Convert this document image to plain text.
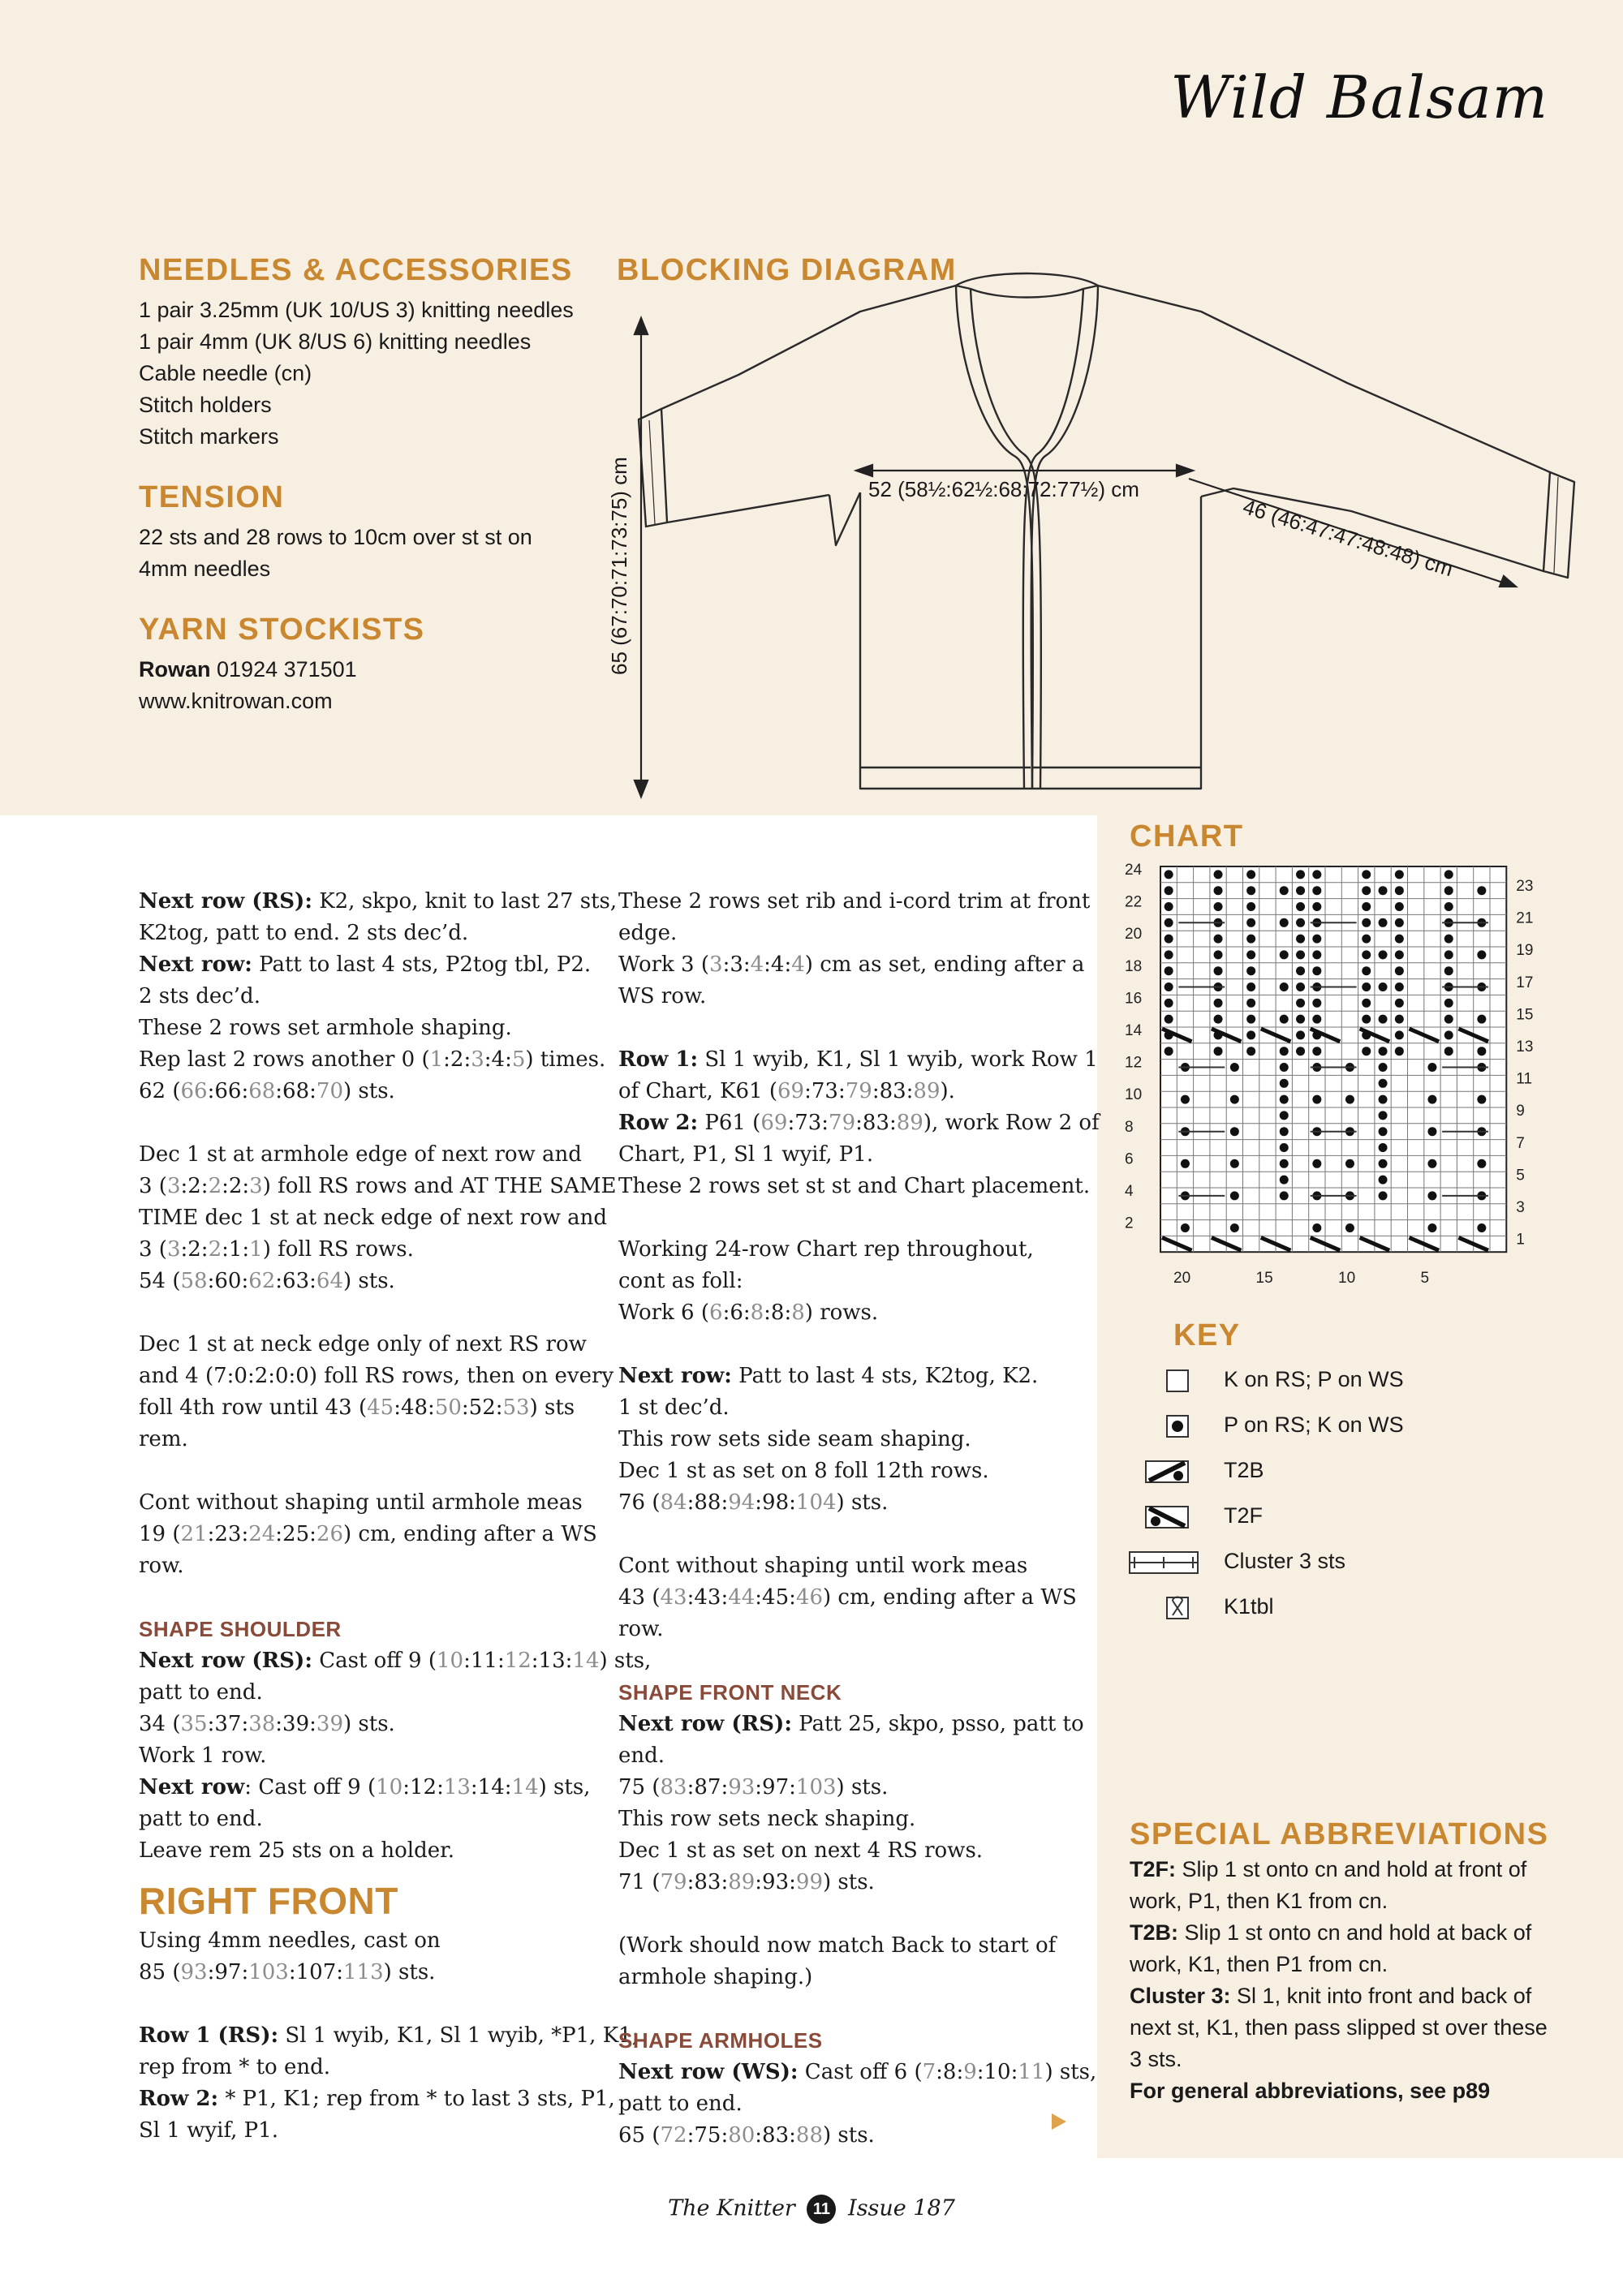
Wild Balsam
NEEDLES & ACCESSORIES
1 pair 3.25mm (UK 10/US 3) knitting needles
1 pair 4mm (UK 8/US 6) knitting needles
Cable needle (cn)
Stitch holders
Stitch markers
TENSION
22 sts and 28 rows to 10cm over st st on
4mm needles
YARN STOCKISTS
Rowan 01924 371501
www.knitrowan.com
BLOCKING DIAGRAM
65 (67:70:71:73:75) cm	52 (58½:62½:68:72:77½) cm
46 (46:47:47:48:48) cm
CHART
24
22
20
18
16
14
12
10
8
6
4
2
23
21
19
17
15
13
11
9
7
5
3
1
20	15	10	5
KEY
K on RS; P on WS
P on RS; K on WS
T2B
T2F
Cluster 3 sts
K1tbl
SPECIAL ABBREVIATIONS
T2F: Slip 1 st onto cn and hold at front of
work, P1, then K1 from cn.
T2B: Slip 1 st onto cn and hold at back of
work, K1, then P1 from cn.
Cluster 3: Sl 1, knit into front and back of
next st, K1, then pass slipped st over these
3 sts.
For general abbreviations, see p89

Next row (RS): K2, skpo, knit to last 27 sts,
K2tog, patt to end. 2 sts dec’d.
Next row: Patt to last 4 sts, P2tog tbl, P2.
2 sts dec’d.
These 2 rows set armhole shaping.
Rep last 2 rows another 0 (1:2:3:4:5) times.
62 (66:66:68:68:70) sts.

Dec 1 st at armhole edge of next row and
3 (3:2:2:2:3) foll RS rows and AT THE SAME
TIME dec 1 st at neck edge of next row and
3 (3:2:2:1:1) foll RS rows.
54 (58:60:62:63:64) sts.

Dec 1 st at neck edge only of next RS row
and 4 (7:0:2:0:0) foll RS rows, then on every
foll 4th row until 43 (45:48:50:52:53) sts
rem.

Cont without shaping until armhole meas
19 (21:23:24:25:26) cm, ending after a WS
row.

SHAPE SHOULDER
Next row (RS): Cast off 9 (10:11:12:13:14) sts,
patt to end.
34 (35:37:38:39:39) sts.
Work 1 row.
Next row: Cast off 9 (10:12:13:14:14) sts,
patt to end.
Leave rem 25 sts on a holder.

RIGHT FRONT
Using 4mm needles, cast on
85 (93:97:103:107:113) sts.

Row 1 (RS): Sl 1 wyib, K1, Sl 1 wyib, *P1, K1;
rep from * to end.
Row 2: * P1, K1; rep from * to last 3 sts, P1,
Sl 1 wyif, P1.

These 2 rows set rib and i-cord trim at front
edge.
Work 3 (3:3:4:4:4) cm as set, ending after a
WS row.

Row 1: Sl 1 wyib, K1, Sl 1 wyib, work Row 1
of Chart, K61 (69:73:79:83:89).
Row 2: P61 (69:73:79:83:89), work Row 2 of
Chart, P1, Sl 1 wyif, P1.
These 2 rows set st st and Chart placement.

Working 24-row Chart rep throughout,
cont as foll:
Work 6 (6:6:8:8:8) rows.

Next row: Patt to last 4 sts, K2tog, K2.
1 st dec’d.
This row sets side seam shaping.
Dec 1 st as set on 8 foll 12th rows.
76 (84:88:94:98:104) sts.

Cont without shaping until work meas
43 (43:43:44:45:46) cm, ending after a WS
row.

SHAPE FRONT NECK
Next row (RS): Patt 25, skpo, psso, patt to
end.
75 (83:87:93:97:103) sts.
This row sets neck shaping.
Dec 1 st as set on next 4 RS rows.
71 (79:83:89:93:99) sts.

(Work should now match Back to start of
armhole shaping.)

SHAPE ARMHOLES
Next row (WS): Cast off 6 (7:8:9:10:11) sts,
patt to end.
65 (72:75:80:83:88) sts.

The Knitter 11 Issue 187
